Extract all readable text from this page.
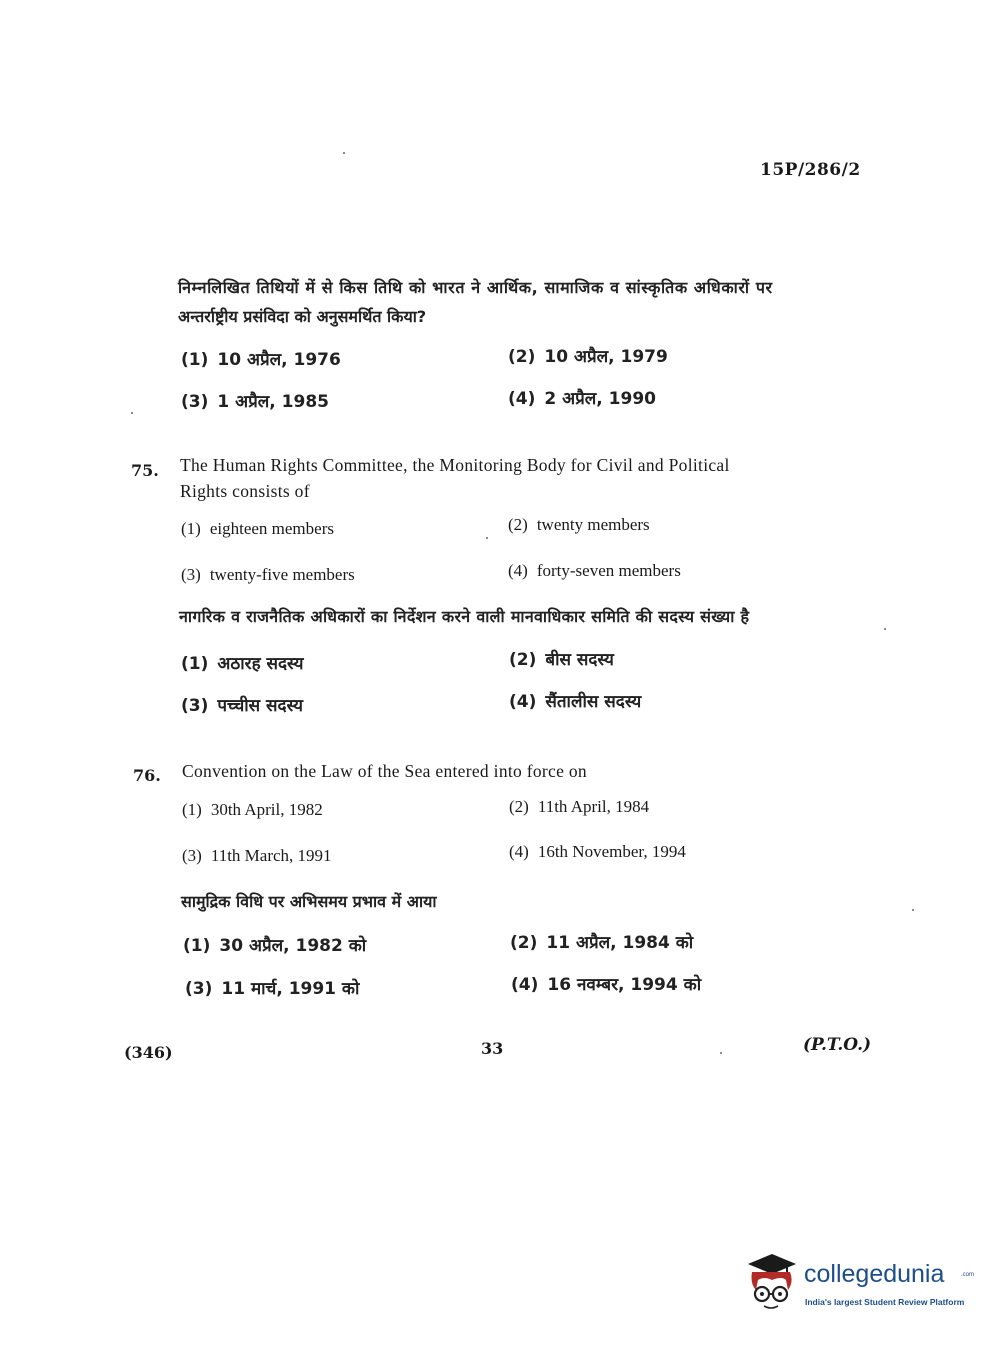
15P/286/2
निम्नलिखित तिथियों में से किस तिथि को भारत ने आर्थिक, सामाजिक व सांस्कृतिक अधिकारों पर
अन्तर्राष्ट्रीय प्रसंविदा को अनुसमर्थित किया?
(1) 10 अप्रैल, 1976	(2) 10 अप्रैल, 1979
(3) 1 अप्रैल, 1985	(4) 2 अप्रैल, 1990
75. The Human Rights Committee, the Monitoring Body for Civil and Political
Rights consists of
(1) eighteen members	(2) twenty members
(3) twenty-five members	(4) forty-seven members
नागरिक व राजनैतिक अधिकारों का निर्देशन करने वाली मानवाधिकार समिति की सदस्य संख्या है
(1) अठारह सदस्य	(2) बीस सदस्य
(3) पच्चीस सदस्य	(4) सैंतालीस सदस्य
76. Convention on the Law of the Sea entered into force on
(1) 30th April, 1982	(2) 11th April, 1984
(3) 11th March, 1991	(4) 16th November, 1994
सामुद्रिक विधि पर अभिसमय प्रभाव में आया
(1) 30 अप्रैल, 1982 को	(2) 11 अप्रैल, 1984 को
(3) 11 मार्च, 1991 को	(4) 16 नवम्बर, 1994 को
(346)	33	(P.T.O.)
collegedunia	.com
India's largest Student Review Platform
